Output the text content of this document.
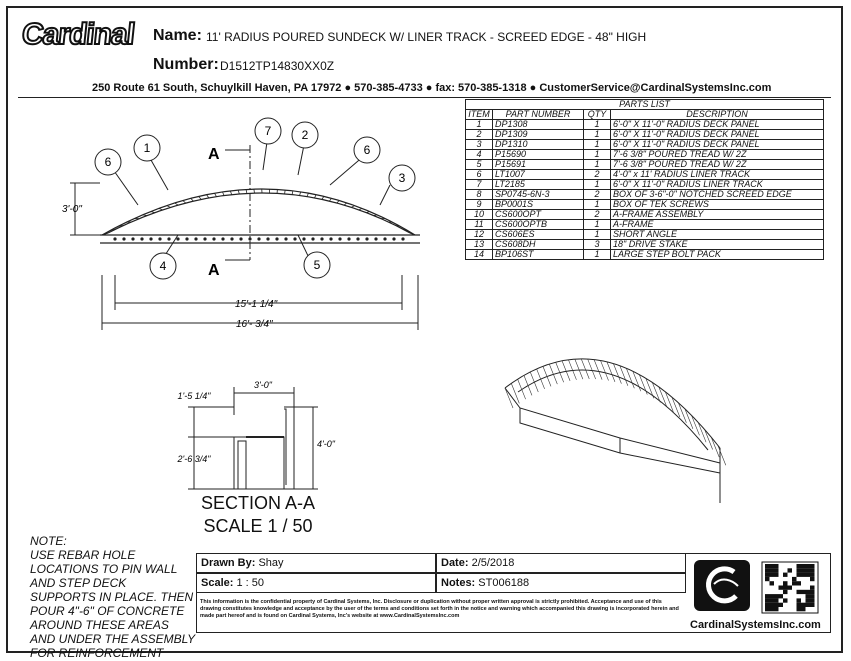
Cardinal Name: 11' RADIUS POURED SUNDECK W/ LINER TRACK - SCREED EDGE - 48" HIGH
Number: D1512TP14830XX0Z
250 Route 61 South, Schuylkill Haven, PA 17972 ● 570-385-4733 ● fax: 570-385-1318 ● CustomerService@CardinalSystemsInc.com
PARTS LIST			
ITEM	PART NUMBER	QTY	DESCRIPTION
1	DP1308	1	6'-0" X 11'-0" RADIUS DECK PANEL
2	DP1309	1	6'-0" X 11'-0" RADIUS DECK PANEL
3	DP1310	1	6'-0" X 11'-0" RADIUS DECK PANEL
4	P15690	1	7'-6 3/8" POURED TREAD W/ 2Z
5	P15691	1	7'-6 3/8" POURED TREAD W/ 2Z
6	LT1007	2	4'-0" x 11' RADIUS LINER TRACK
7	LT2185	1	6'-0" X 11'-0" RADIUS LINER TRACK
8	SP0745-6N-3	2	BOX OF 3-6"-0" NOTCHED SCREED EDGE
9	BP0001S	1	BOX OF TEK SCREWS
10	CS600OPT	2	A-FRAME ASSEMBLY
11	CS600OPTB	1	A-FRAME
12	CS606ES	1	SHORT ANGLE
13	CS608DH	3	18" DRIVE STAKE
14	BP106ST	1	LARGE STEP BOLT PACK
1
2
3
4	5
6
6
7
A
A
3'-0"
15'-1 1/4"
16'- 3/4"
3'-0"
1'-5 1/4"
2'-6 3/4"
4'-0"
SECTION A-A
SCALE 1 / 50
NOTE:
USE REBAR HOLE LOCATIONS TO PIN WALL AND STEP DECK SUPPORTS IN PLACE. THEN POUR 4"-6" OF CONCRETE AROUND THESE AREAS AND UNDER THE ASSEMBLY FOR REINFORCEMENT
Drawn By: Shay	Date: 2/5/2018
Scale: 1 : 50	Notes: ST006188
This information is the confidential property of Cardinal Systems, Inc. Disclosure or duplication without proper written approval is strictly prohibited. Acceptance and use of this drawing constitutes knowledge and acceptance by the user of the terms and conditions set forth in the notice and warning which accompanied this drawing is incorporated herein and made part hereof and is found on Cardinal Systems, Inc's website at www.CardinalSystemsInc.com
CardinalSystemsInc.com
